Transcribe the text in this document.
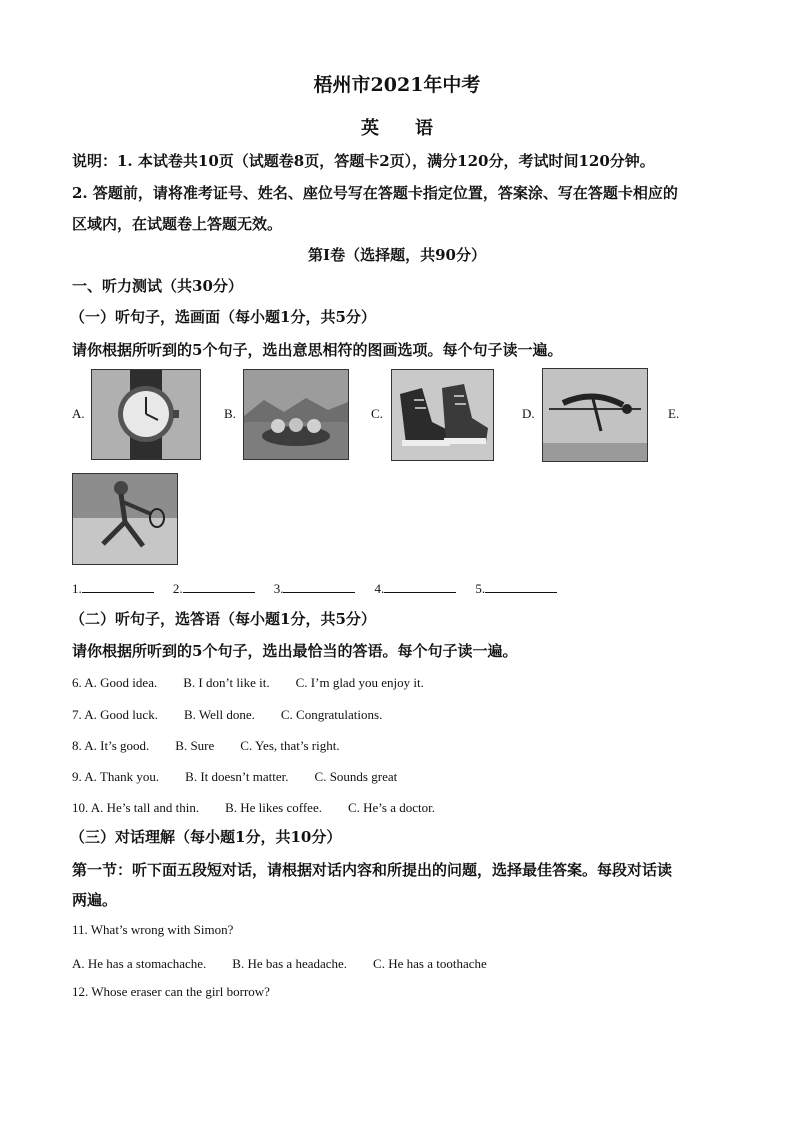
梧州市2021年中考
英　　语
说明：1. 本试卷共10页（试题卷8页，答题卡2页），满分120分，考试时间120分钟。
2. 答题前，请将准考证号、姓名、座位号写在答题卡指定位置，答案涂、写在答题卡相应的
区域内，在试题卷上答题无效。
第Ⅰ卷（选择题，共90分）
一、听力测试（共30分）
（一）听句子，选画面（每小题1分，共5分）
请你根据所听到的5个句子，选出意思相符的图画选项。每个句子读一遍。
A.	B.	C.	D.	E.
1.	2.	3.	4.	5.
（二）听句子，选答语（每小题1分，共5分）
请你根据所听到的5个句子，选出最恰当的答语。每个句子读一遍。
6. A. Good idea.　　B. I don’t like it.　　C. I’m glad you enjoy it.
7. A. Good luck.　　B. Well done.　　C. Congratulations.
8. A. It’s good.　　B. Sure　　C. Yes, that’s right.
9. A. Thank you.　　B. It doesn’t matter.　　C. Sounds great
10. A. He’s tall and thin.　　B. He likes coffee.　　C. He’s a doctor.
（三）对话理解（每小题1分，共10分）
第一节：听下面五段短对话，请根据对话内容和所提出的问题，选择最佳答案。每段对话读
两遍。
11. What’s wrong with Simon?
A. He has a stomachache.　　B. He bas a headache.　　C. He has a toothache
12. Whose eraser can the girl borrow?
